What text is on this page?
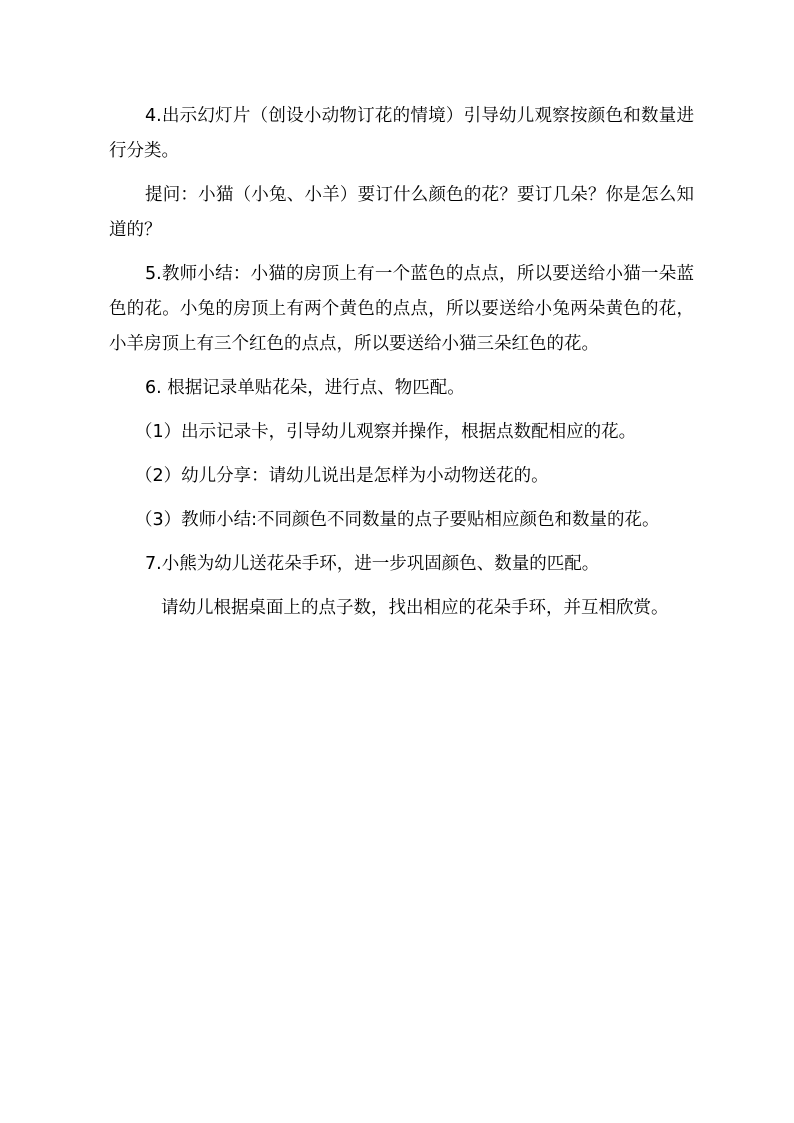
4.出示幻灯片（创设小动物订花的情境）引导幼儿观察按颜色和数量进行分类。

提问：小猫（小兔、小羊）要订什么颜色的花？要订几朵？你是怎么知道的？

5.教师小结：小猫的房顶上有一个蓝色的点点，所以要送给小猫一朵蓝色的花。小兔的房顶上有两个黄色的点点，所以要送给小兔两朵黄色的花，小羊房顶上有三个红色的点点，所以要送给小猫三朵红色的花。

6. 根据记录单贴花朵，进行点、物匹配。

（1）出示记录卡，引导幼儿观察并操作，根据点数配相应的花。

（2）幼儿分享：请幼儿说出是怎样为小动物送花的。

（3）教师小结:不同颜色不同数量的点子要贴相应颜色和数量的花。

7.小熊为幼儿送花朵手环，进一步巩固颜色、数量的匹配。

请幼儿根据桌面上的点子数，找出相应的花朵手环，并互相欣赏。
